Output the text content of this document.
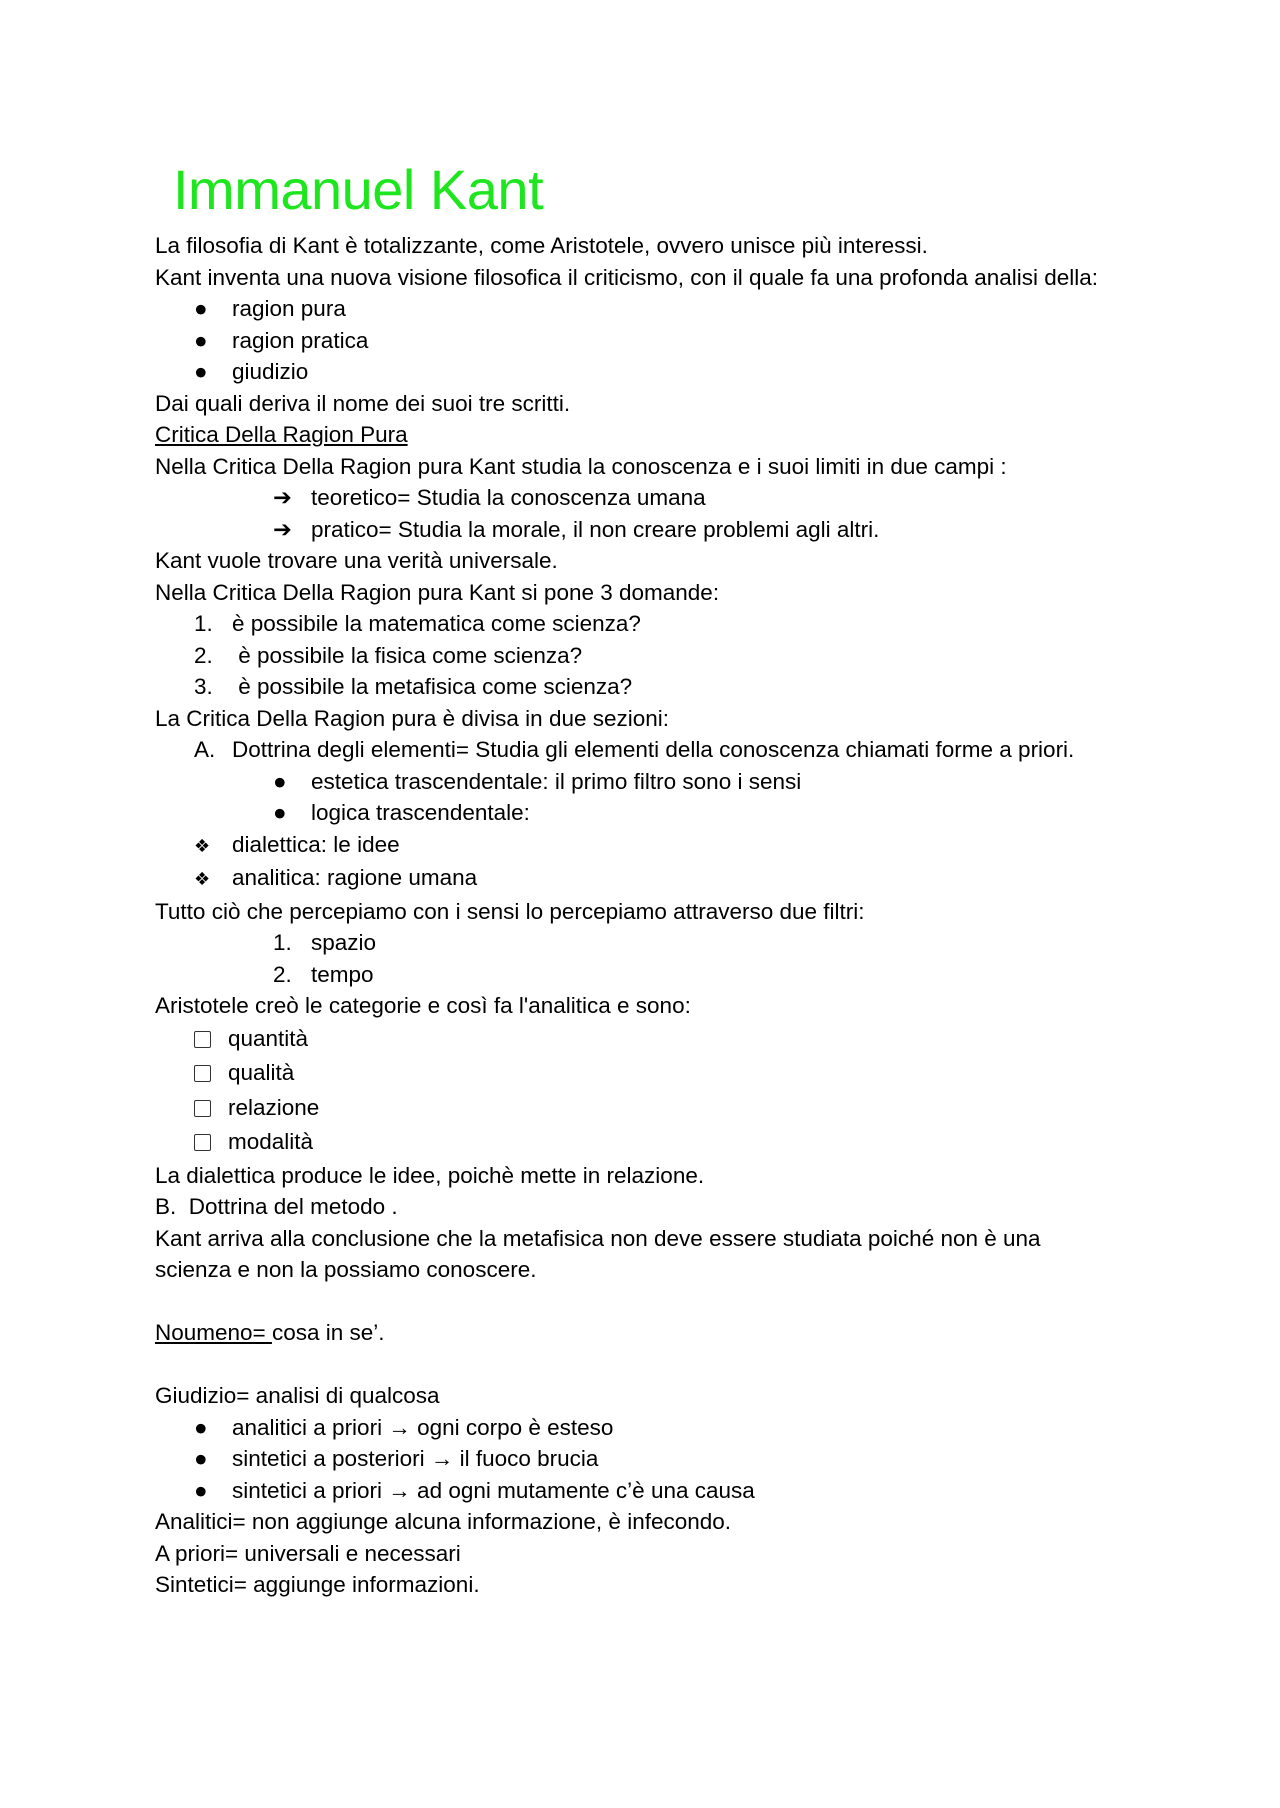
Immanuel Kant
La filosofia di Kant è totalizzante, come Aristotele, ovvero unisce più interessi.
Kant inventa una nuova visione filosofica il criticismo, con il quale fa una profonda analisi della:
● ragion pura
● ragion pratica
● giudizio
Dai quali deriva il nome dei suoi tre scritti.
Critica Della Ragion Pura
Nella Critica Della Ragion pura Kant studia la conoscenza e i suoi limiti in due campi :
➔ teoretico= Studia la conoscenza umana
➔ pratico= Studia la morale, il non creare problemi agli altri.
Kant vuole trovare una verità universale.
Nella Critica Della Ragion pura Kant si pone 3 domande:
1. è possibile la matematica come scienza?
2. è possibile la fisica come scienza?
3. è possibile la metafisica come scienza?
La Critica Della Ragion pura è divisa in due sezioni:
A. Dottrina degli elementi= Studia gli elementi della conoscenza chiamati forme a priori.
● estetica trascendentale: il primo filtro sono i sensi
● logica trascendentale:
❖ dialettica: le idee
❖ analitica: ragione umana
Tutto ciò che percepiamo con i sensi lo percepiamo attraverso due filtri:
1. spazio
2. tempo
Aristotele creò le categorie e così fa l'analitica e sono:
quantità
qualità
relazione
modalità
La dialettica produce le idee, poichè mette in relazione.
B.  Dottrina del metodo .
Kant arriva alla conclusione che la metafisica non deve essere studiata poiché non è una scienza e non la possiamo conoscere.
Noumeno= cosa in se’.
Giudizio= analisi di qualcosa
● analitici a priori → ogni corpo è esteso
● sintetici a posteriori → il fuoco brucia
● sintetici a priori → ad ogni mutamente c’è una causa
Analitici= non aggiunge alcuna informazione, è infecondo.
A priori= universali e necessari
Sintetici= aggiunge informazioni.
